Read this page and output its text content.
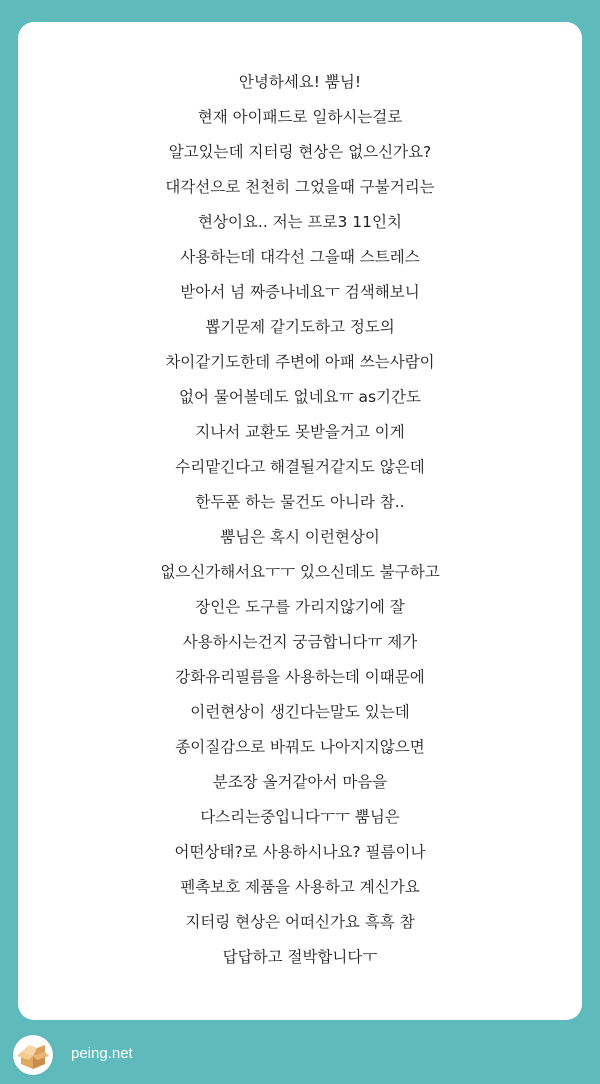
안녕하세요! 뿜님!
현재 아이패드로 일하시는걸로
알고있는데 지터링 현상은 없으신가요?
대각선으로 천천히 그었을때 구불거리는
현상이요.. 저는 프로3 11인치
사용하는데 대각선 그을때 스트레스
받아서 넘 짜증나네요ㅜ 검색해보니
뽑기문제 같기도하고 정도의
차이같기도한데 주변에 아패 쓰는사람이
없어 물어볼데도 없네요ㅠ as기간도
지나서 교환도 못받을거고 이게
수리맡긴다고 해결될거같지도 않은데
한두푼 하는 물건도 아니라 참..
뿜님은 혹시 이런현상이
없으신가해서요ㅜㅜ 있으신데도 불구하고
장인은 도구를 가리지않기에 잘
사용하시는건지 궁금합니다ㅠ 제가
강화유리필름을 사용하는데 이때문에
이런현상이 생긴다는말도 있는데
종이질감으로 바꿔도 나아지지않으면
분조장 올거같아서 마음을
다스리는중입니다ㅜㅜ 뿜님은
어떤상태?로 사용하시나요? 필름이나
펜촉보호 제품을 사용하고 계신가요
지터링 현상은 어떠신가요 흑흑 참
답답하고 절박합니다ㅜ
peing.net
